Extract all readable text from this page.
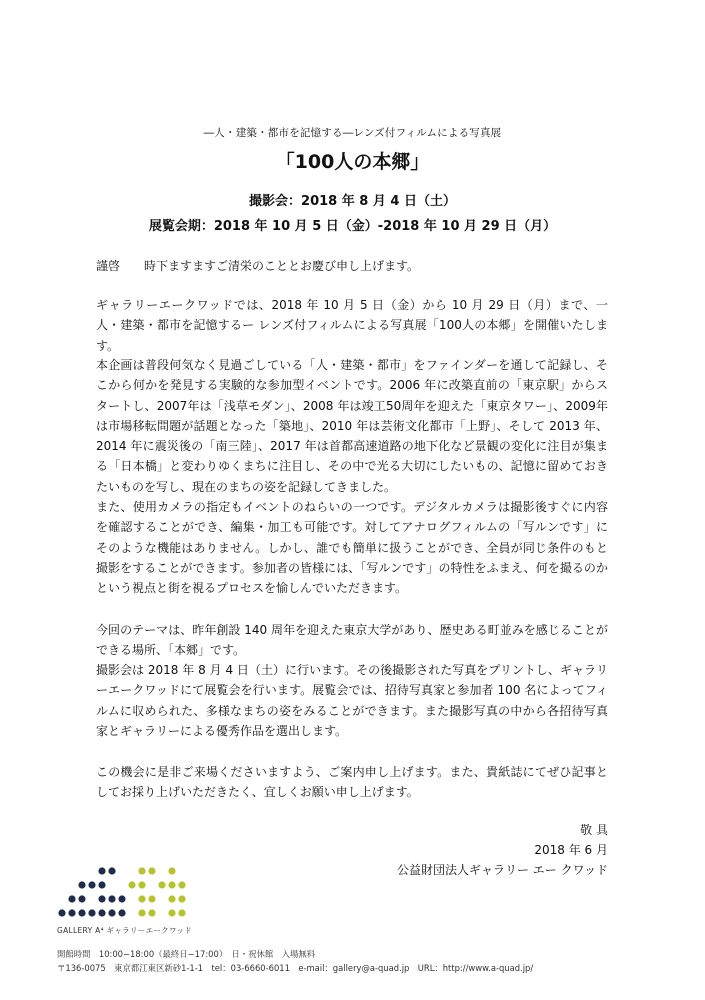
―人・建築・都市を記憶する―レンズ付フィルムによる写真展
「100人の本郷」
撮影会：2018 年 8 月 4 日（土）
展覧会期：2018 年 10 月 5 日（金）-2018 年 10 月 29 日（月）

謹啓　　時下ますますご清栄のこととお慶び申し上げます。

ギャラリーエークワッドでは、2018 年 10 月 5 日（金）から 10 月 29 日（月）まで、一人・建築・都市を記憶するー レンズ付フィルムによる写真展「100人の本郷」を開催いたします。

本企画は普段何気なく見過ごしている「人・建築・都市」をファインダーを通して記録し、そこから何かを発見する実験的な参加型イベントです。2006 年に改築直前の「東京駅」からスタートし、2007年は「浅草モダン」、2008 年は竣工50周年を迎えた「東京タワー」、2009年は市場移転問題が話題となった「築地」、2010 年は芸術文化都市「上野」、そして 2013 年、2014 年に震災後の「南三陸」、2017 年は首都高速道路の地下化など景観の変化に注目が集まる「日本橋」と変わりゆくまちに注目し、その中で光る大切にしたいもの、記憶に留めておきたいものを写し、現在のまちの姿を記録してきました。

また、使用カメラの指定もイベントのねらいの一つです。デジタルカメラは撮影後すぐに内容を確認することができ、編集・加工も可能です。対してアナログフィルムの「写ルンです」にそのような機能はありません。しかし、誰でも簡単に扱うことができ、全員が同じ条件のもと撮影をすることができます。参加者の皆様には、「写ルンです」の特性をふまえ、何を撮るのかという視点と街を視るプロセスを愉しんでいただきます。

今回のテーマは、昨年創設 140 周年を迎えた東京大学があり、歴史ある町並みを感じることができる場所、「本郷」です。

撮影会は 2018 年 8 月 4 日（土）に行います。その後撮影された写真をプリントし、ギャラリーエークワッドにて展覧会を行います。展覧会では、招待写真家と参加者 100 名によってフィルムに収められた、多様なまちの姿をみることができます。また撮影写真の中から各招待写真家とギャラリーによる優秀作品を選出します。

この機会に是非ご来場くださいますよう、ご案内申し上げます。また、貴紙誌にてぜひ記事としてお採り上げいただきたく、宜しくお願い申し上げます。

敬 具
2018 年 6 月
公益財団法人ギャラリー エー クワッド
GALLERY A⁴ ギャラリーエークワッド
開館時間　10:00−18:00（最終日−17:00）　日・祝休館　入場無料
〒136-0075　東京都江東区新砂1-1-1　tel：03-6660-6011　e-mail：gallery@a-quad.jp　URL：http://www.a-quad.jp/
